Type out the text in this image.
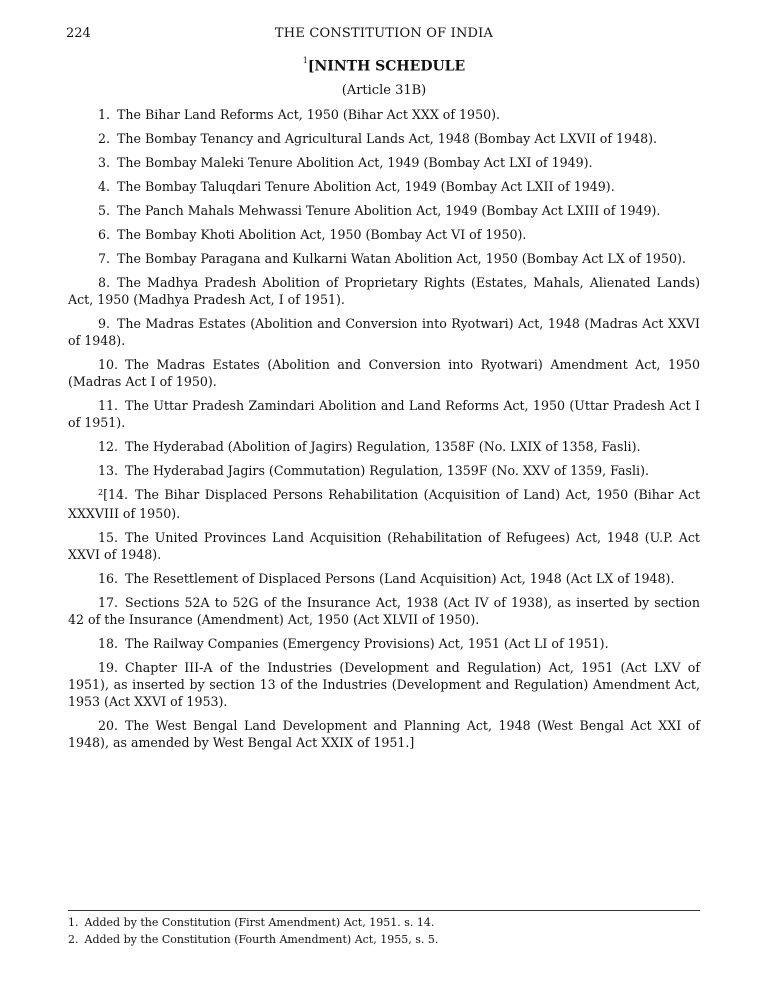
224	THE CONSTITUTION OF INDIA
$^1$[NINTH SCHEDULE
(Article 31B)

1. The Bihar Land Reforms Act, 1950 (Bihar Act XXX of 1950).

2. The Bombay Tenancy and Agricultural Lands Act, 1948 (Bombay Act LXVII of 1948).

3. The Bombay Maleki Tenure Abolition Act, 1949 (Bombay Act LXI of 1949).

4. The Bombay Taluqdari Tenure Abolition Act, 1949 (Bombay Act LXII of 1949).

5. The Panch Mahals Mehwassi Tenure Abolition Act, 1949 (Bombay Act LXIII of 1949).

6. The Bombay Khoti Abolition Act, 1950 (Bombay Act VI of 1950).

7. The Bombay Paragana and Kulkarni Watan Abolition Act, 1950 (Bombay Act LX of 1950).

8. The Madhya Pradesh Abolition of Proprietary Rights (Estates, Mahals, Alienated Lands) Act, 1950 (Madhya Pradesh Act, I of 1951).

9. The Madras Estates (Abolition and Conversion into Ryotwari) Act, 1948 (Madras Act XXVI of 1948).

10. The Madras Estates (Abolition and Conversion into Ryotwari) Amendment Act, 1950 (Madras Act I of 1950).

11. The Uttar Pradesh Zamindari Abolition and Land Reforms Act, 1950 (Uttar Pradesh Act I of 1951).

12. The Hyderabad (Abolition of Jagirs) Regulation, 1358F (No. LXIX of 1358, Fasli).

13. The Hyderabad Jagirs (Commutation) Regulation, 1359F (No. XXV of 1359, Fasli).

$^2$[14. The Bihar Displaced Persons Rehabilitation (Acquisition of Land) Act, 1950 (Bihar Act XXXVIII of 1950).

15. The United Provinces Land Acquisition (Rehabilitation of Refugees) Act, 1948 (U.P. Act XXVI of 1948).

16. The Resettlement of Displaced Persons (Land Acquisition) Act, 1948 (Act LX of 1948).

17. Sections 52A to 52G of the Insurance Act, 1938 (Act IV of 1938), as inserted by section 42 of the Insurance (Amendment) Act, 1950 (Act XLVII of 1950).

18. The Railway Companies (Emergency Provisions) Act, 1951 (Act LI of 1951).

19. Chapter III-A of the Industries (Development and Regulation) Act, 1951 (Act LXV of 1951), as inserted by section 13 of the Industries (Development and Regulation) Amendment Act, 1953 (Act XXVI of 1953).

20. The West Bengal Land Development and Planning Act, 1948 (West Bengal Act XXI of 1948), as amended by West Bengal Act XXIX of 1951.]

1. Added by the Constitution (First Amendment) Act, 1951. s. 14.
2. Added by the Constitution (Fourth Amendment) Act, 1955, s. 5.
